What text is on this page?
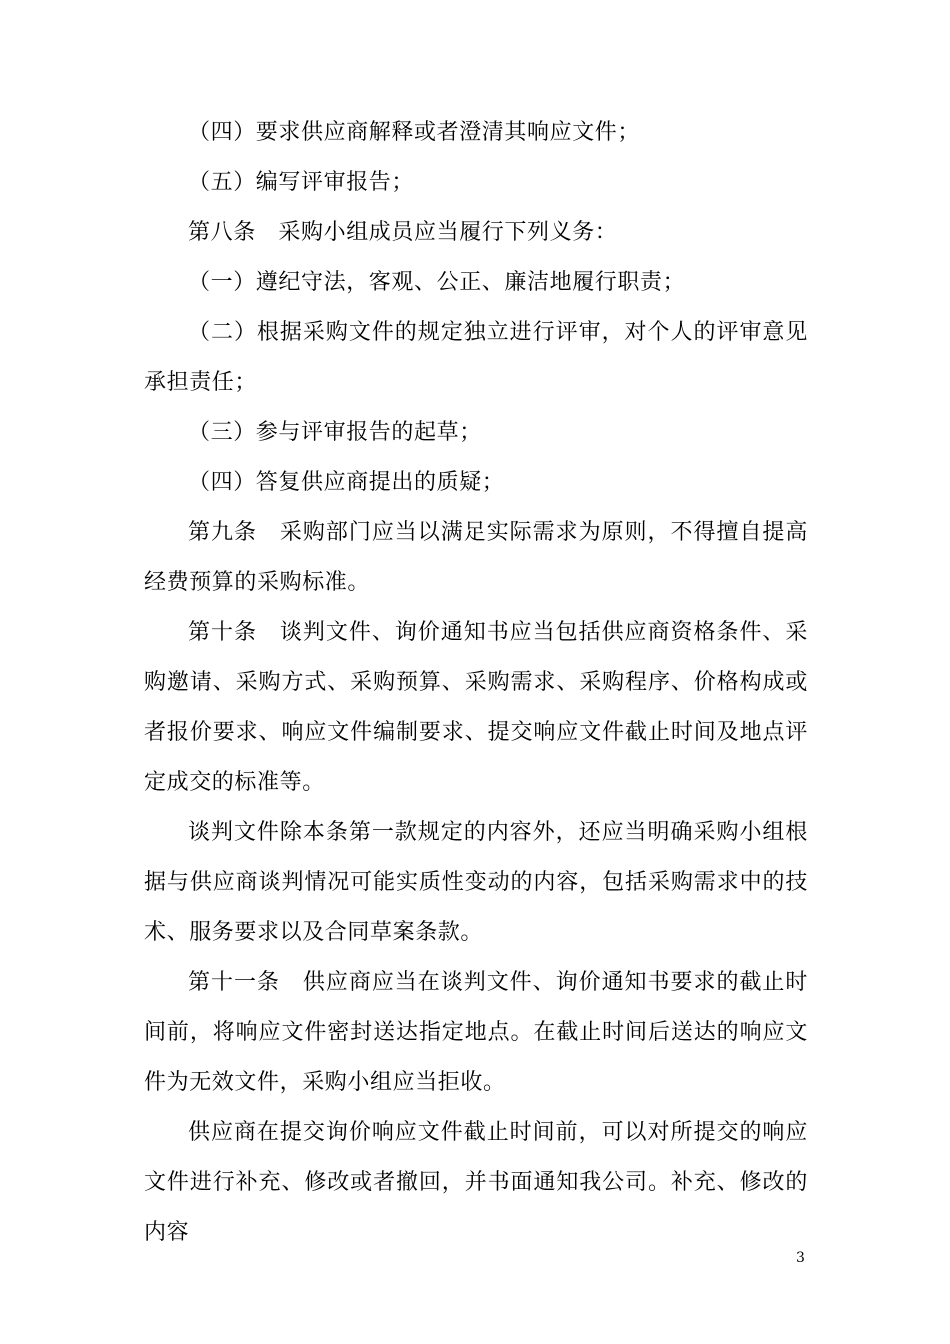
（四）要求供应商解释或者澄清其响应文件；

（五）编写评审报告；

第八条　采购小组成员应当履行下列义务：

（一）遵纪守法，客观、公正、廉洁地履行职责；

（二）根据采购文件的规定独立进行评审，对个人的评审意见承担责任；

（三）参与评审报告的起草；

（四）答复供应商提出的质疑；

第九条　采购部门应当以满足实际需求为原则，不得擅自提高经费预算的采购标准。

第十条　谈判文件、询价通知书应当包括供应商资格条件、采购邀请、采购方式、采购预算、采购需求、采购程序、价格构成或者报价要求、响应文件编制要求、提交响应文件截止时间及地点评定成交的标准等。

谈判文件除本条第一款规定的内容外，还应当明确采购小组根据与供应商谈判情况可能实质性变动的内容，包括采购需求中的技术、服务要求以及合同草案条款。

第十一条　供应商应当在谈判文件、询价通知书要求的截止时间前，将响应文件密封送达指定地点。在截止时间后送达的响应文件为无效文件，采购小组应当拒收。

供应商在提交询价响应文件截止时间前，可以对所提交的响应文件进行补充、修改或者撤回，并书面通知我公司。补充、修改的内容

3
